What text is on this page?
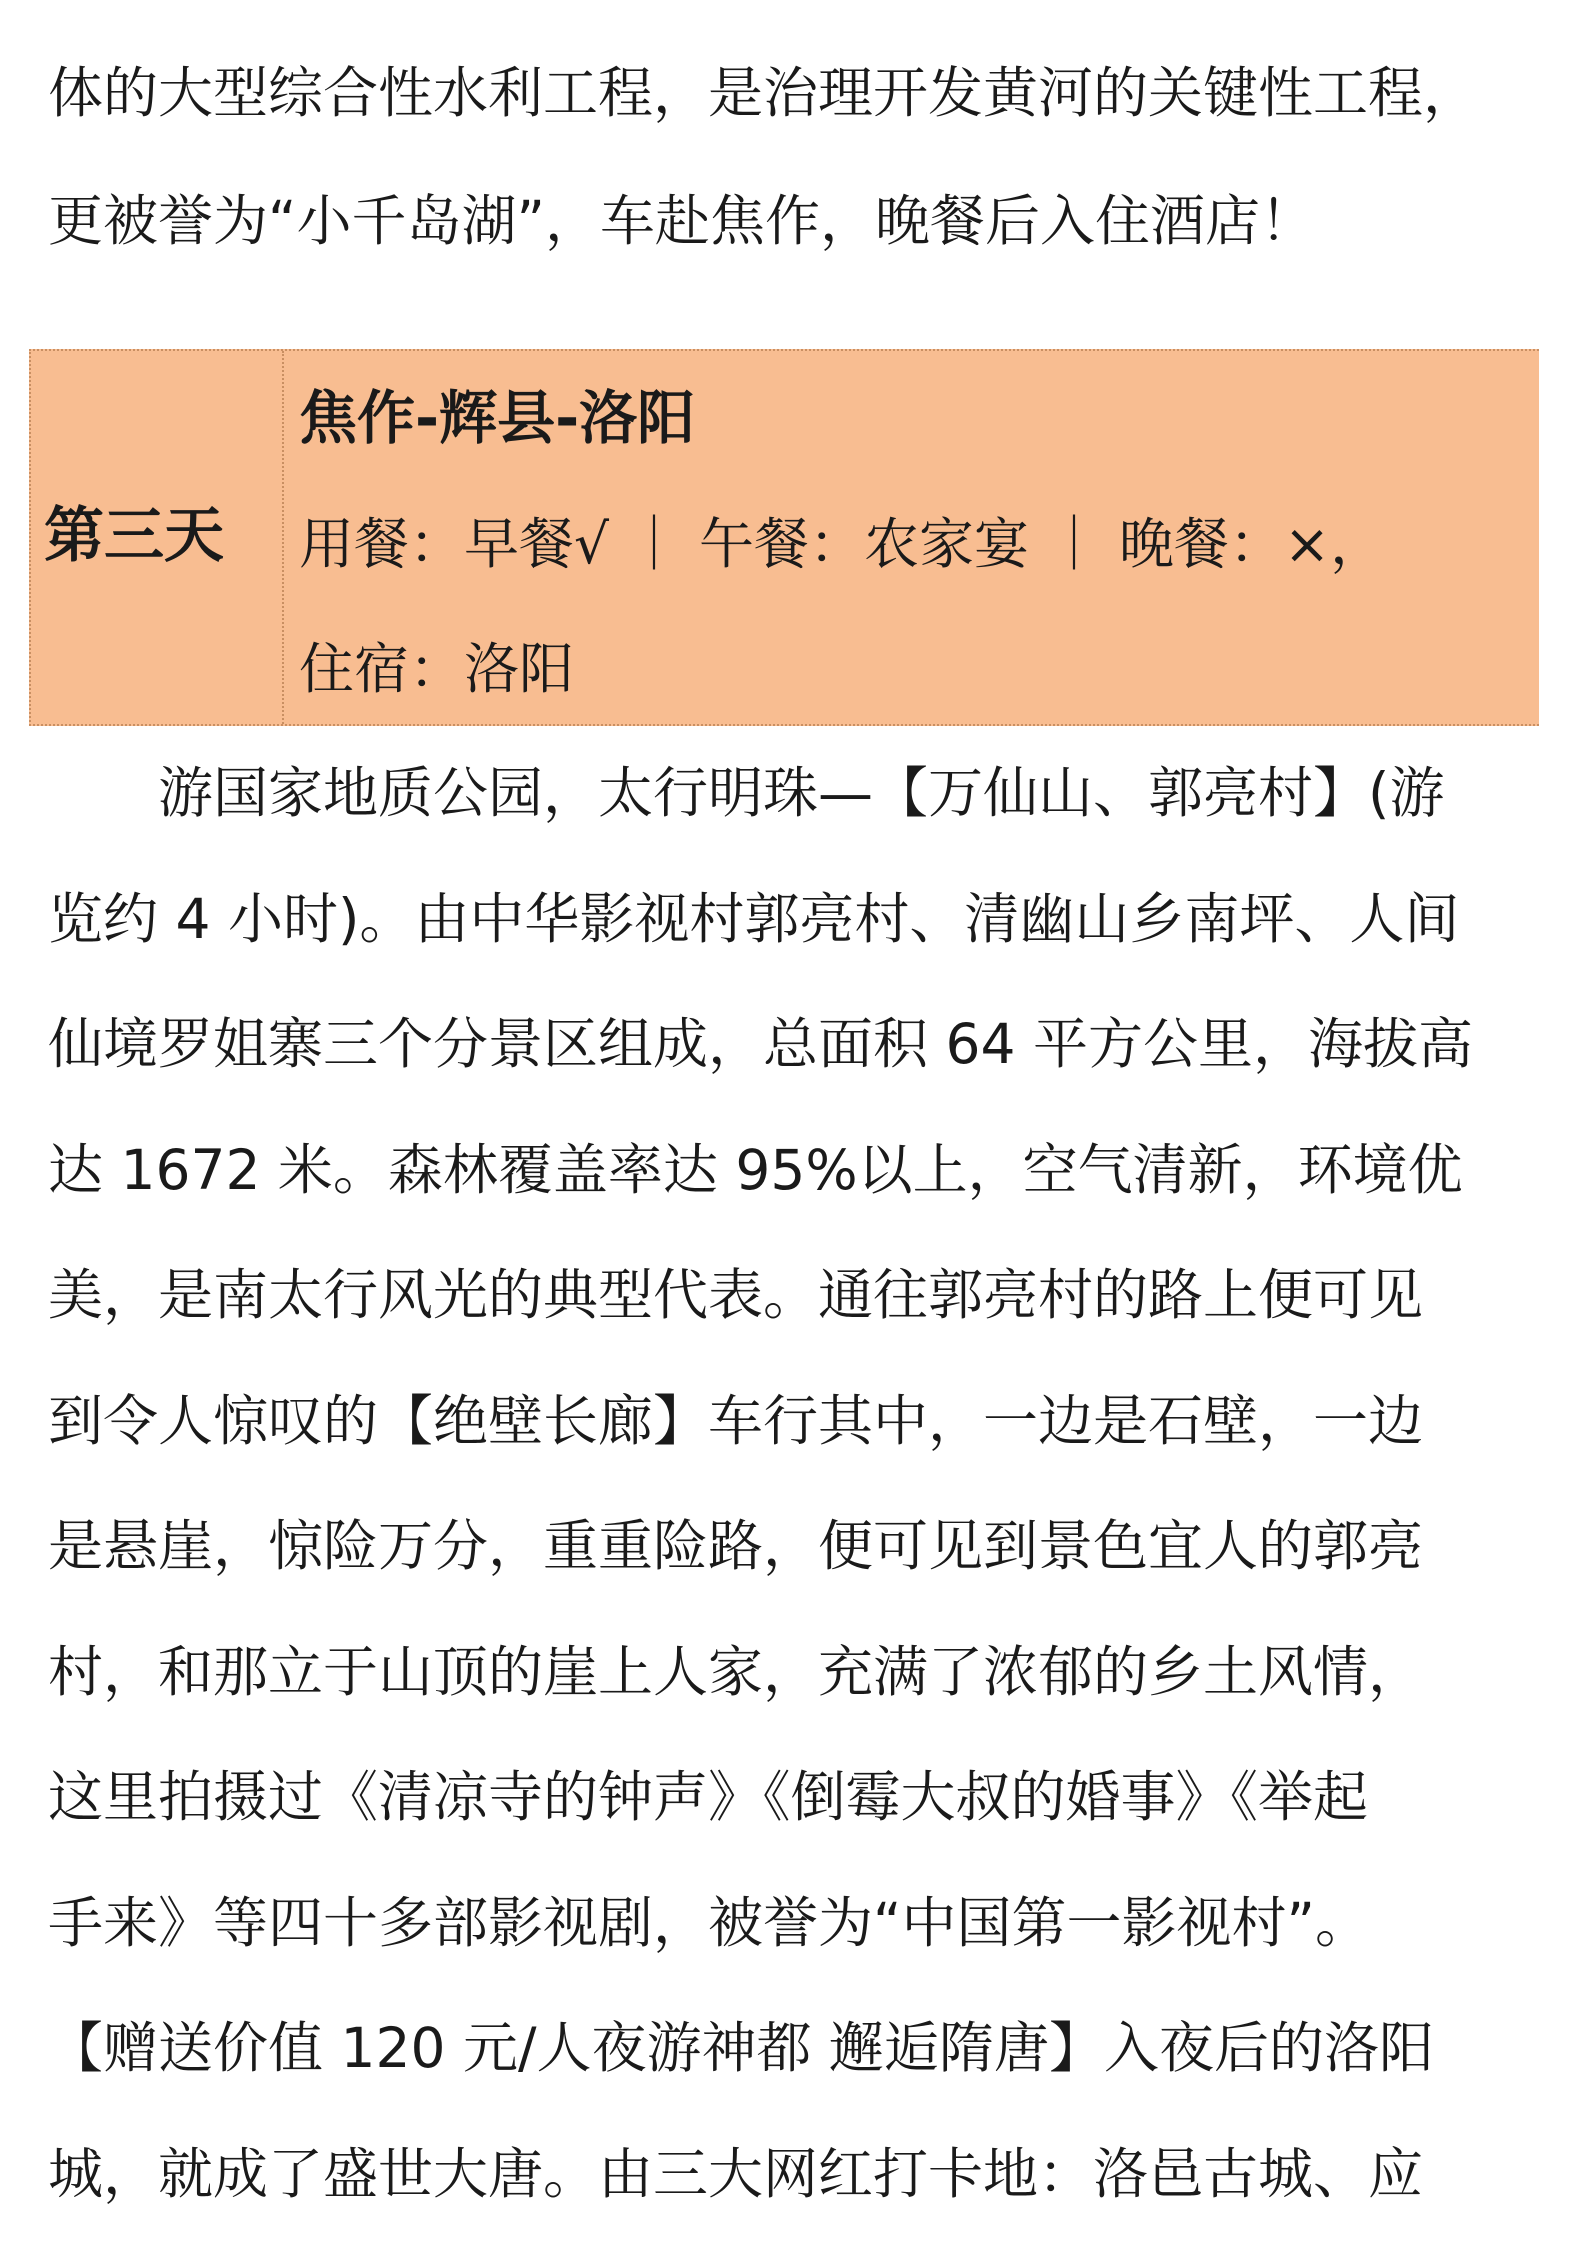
体的大型综合性水利工程，是治理开发黄河的关键性工程，
更被誉为“小千岛湖”，车赴焦作，晚餐后入住酒店！
第三天
焦作-辉县-洛阳
用餐：早餐√ ｜ 午餐：农家宴 ｜ 晚餐：×，
住宿：洛阳
　　游国家地质公园，太行明珠—【万仙山、郭亮村】(游
览约 4 小时)。由中华影视村郭亮村、清幽山乡南坪、人间
仙境罗姐寨三个分景区组成，总面积 64 平方公里，海拔高
达 1672 米。森林覆盖率达 95%以上，空气清新，环境优
美，是南太行风光的典型代表。通往郭亮村的路上便可见
到令人惊叹的【绝壁长廊】车行其中，一边是石壁，一边
是悬崖，惊险万分，重重险路，便可见到景色宜人的郭亮
村，和那立于山顶的崖上人家，充满了浓郁的乡土风情，
这里拍摄过《清凉寺的钟声》《倒霉大叔的婚事》《举起
手来》等四十多部影视剧，被誉为“中国第一影视村”。
【赠送价值 120 元/人夜游神都 邂逅隋唐】入夜后的洛阳
城，就成了盛世大唐。由三大网红打卡地：洛邑古城、应
